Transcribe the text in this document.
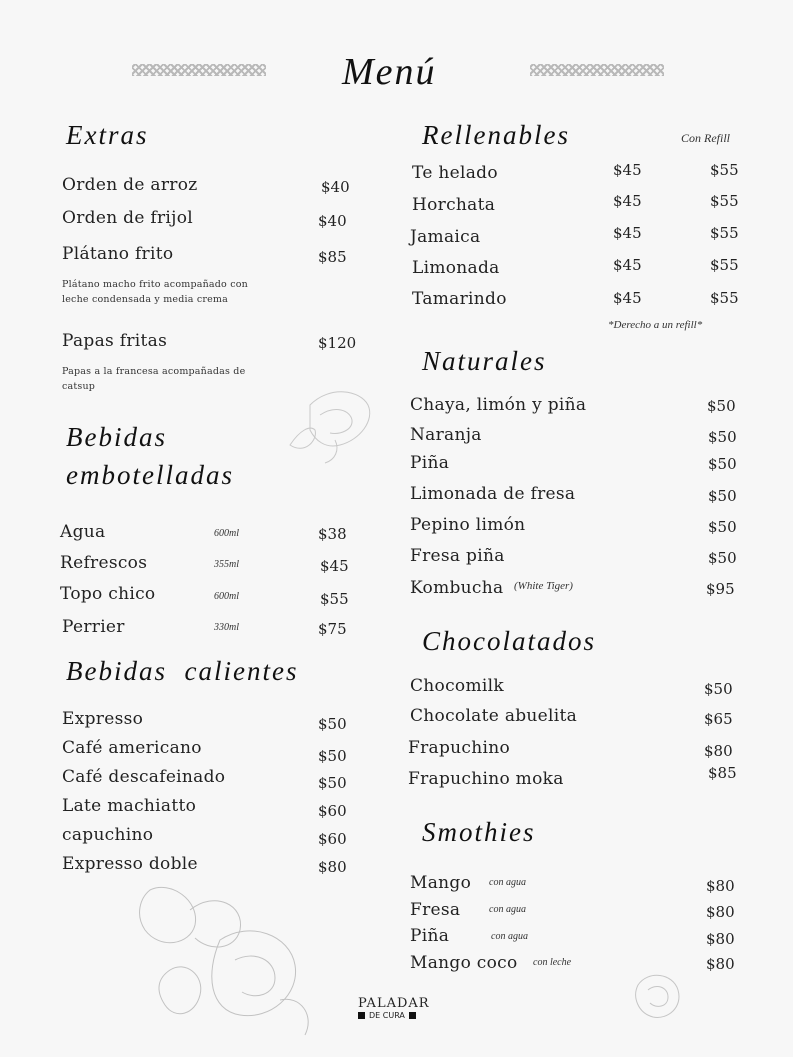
Menú
Extras
Orden de arroz	$40
Orden de frijol	$40
Plátano frito	$85
Plátano macho frito acompañado con leche condensada y media crema
Papas fritas	$120
Papas a la francesa acompañadas de catsup
Bebidas
embotelladas
Agua	600ml	$38
Refrescos	355ml	$45
Topo chico	600ml	$55
Perrier	330ml	$75
Bebidas  calientes
Expresso	$50
Café americano	$50
Café descafeinado	$50
Late machiatto	$60
capuchino	$60
Expresso doble	$80
Rellenables	Con Refill
Te helado	$45	$55
Horchata	$45	$55
Jamaica	$45	$55
Limonada	$45	$55
Tamarindo	$45	$55
*Derecho a un refill*
Naturales
Chaya, limón y piña	$50
Naranja	$50
Piña	$50
Limonada de fresa	$50
Pepino limón	$50
Fresa piña	$50
Kombucha (White Tiger)	$95
Chocolatados
Chocomilk	$50
Chocolate abuelita	$65
Frapuchino	$80
Frapuchino moka	$85
Smothies
Mango con agua	$80
Fresa	con agua	$80
Piña	con agua	$80
Mango coco con leche	$80
PALADAR
DE CURA
